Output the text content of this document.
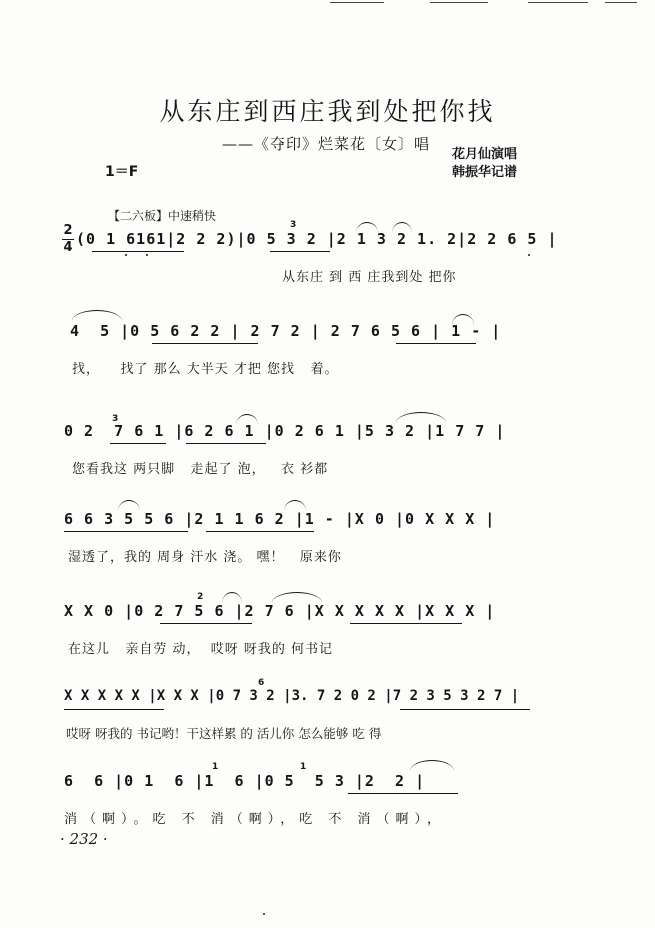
从东庄到西庄我到处把你找
——《夺印》烂菜花〔女〕唱
花月仙演唱
韩振华记谱
1＝F
【二六板】中速稍快
2
4 (0 1 6161|2 2 2)|0 5 3 2 |2 1 3 2 1. 2|2 2 6 5 |
从东庄 到 西 庄我到处 把你
3
4  5 |0 5 6 2 2 | 2 7 2 | 2 7 6 5 6 | 1 - |
找，    找了 那么 大半天 才把 您找   着。
0 2  7 6 1 |6 2 6 1 |0 2 6 1 |5 3 2 |1 7 7 |
您看我这 两只脚   走起了 泡，   衣 衫都
3
6 6 3 5 5 6 |2 1 1 6 2 |1 - |X 0 |0 X X X |
湿透了，我的 周身 汗水 浇。 嘿！   原来你
X X 0 |0 2 7 5 6 |2 7 6 |X X X X X |X X X |
在这儿   亲自劳 动，  哎呀 呀我的 何书记
2
X X X X X |X X X |0 7 3 2 |3. 7 2 0 2 |7 2 3 5 3 2 7 |
哎呀 呀我的 书记哟！干这样累 的 活儿你 怎么能够 吃 得
6
6  6 |0 1  6 |1  6 |0 5  5 3 |2  2 |
消（啊）。吃 不 消（啊），吃 不 消（啊），
1	1
· 232 ·
